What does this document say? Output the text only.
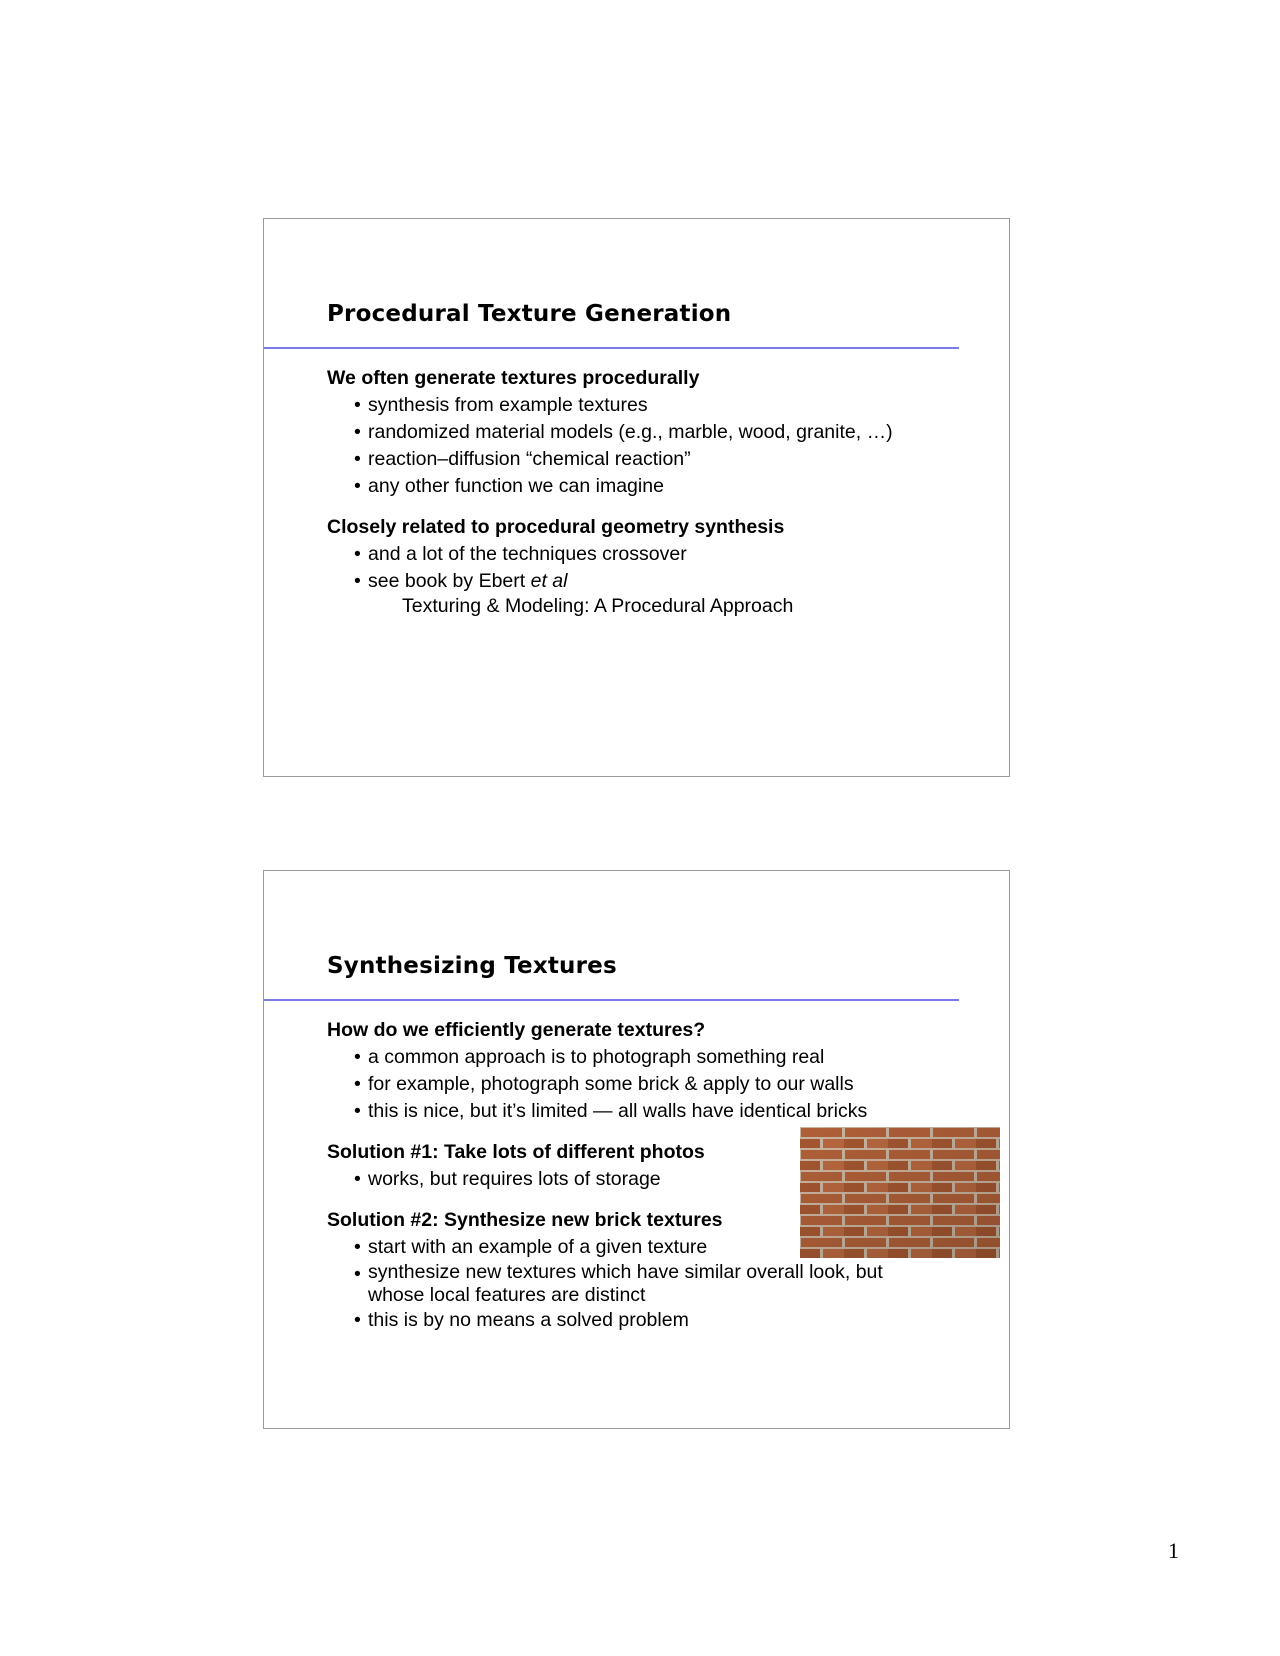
Procedural Texture Generation
We often generate textures procedurally
• synthesis from example textures
• randomized material models (e.g., marble, wood, granite, …)
• reaction–diffusion “chemical reaction”
• any other function we can imagine
Closely related to procedural geometry synthesis
• and a lot of the techniques crossover
• see book by Ebert et al
Texturing & Modeling: A Procedural Approach
Synthesizing Textures
How do we efficiently generate textures?
• a common approach is to photograph something real
• for example, photograph some brick & apply to our walls
• this is nice, but it’s limited — all walls have identical bricks
Solution #1: Take lots of different photos
• works, but requires lots of storage
Solution #2: Synthesize new brick textures
• start with an example of a given texture
• synthesize new textures which have similar overall look, but whose local features are distinct
• this is by no means a solved problem
1
